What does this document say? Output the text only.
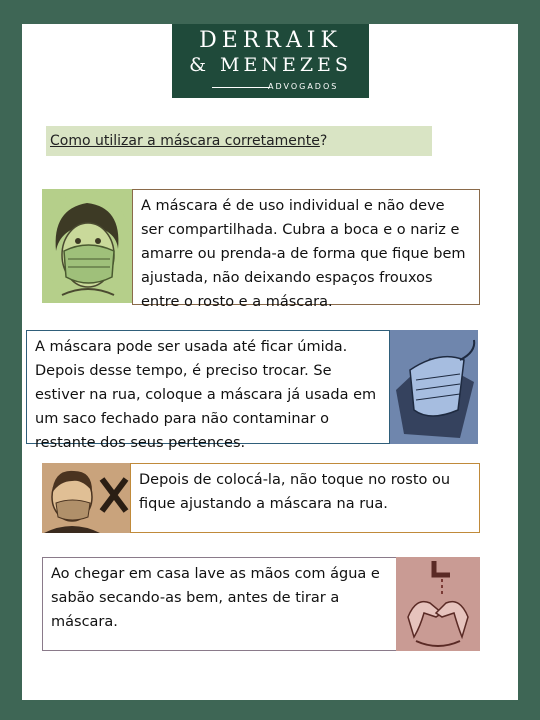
DERRAIK
& MENEZES
ADVOGADOS
Como utilizar a máscara corretamente?
A máscara é de uso individual e não deve ser compartilhada. Cubra a boca e o nariz e amarre ou prenda-a de forma que fique bem ajustada, não deixando espaços frouxos entre o rosto e a máscara.
A máscara pode ser usada até ficar úmida. Depois desse tempo, é preciso trocar. Se estiver na rua, coloque a máscara já usada em um saco fechado para não contaminar o restante dos seus pertences.
Depois de colocá-la, não toque no rosto ou fique ajustando a máscara na rua.
Ao chegar em casa lave as mãos com água e sabão secando-as bem, antes de tirar a máscara.
